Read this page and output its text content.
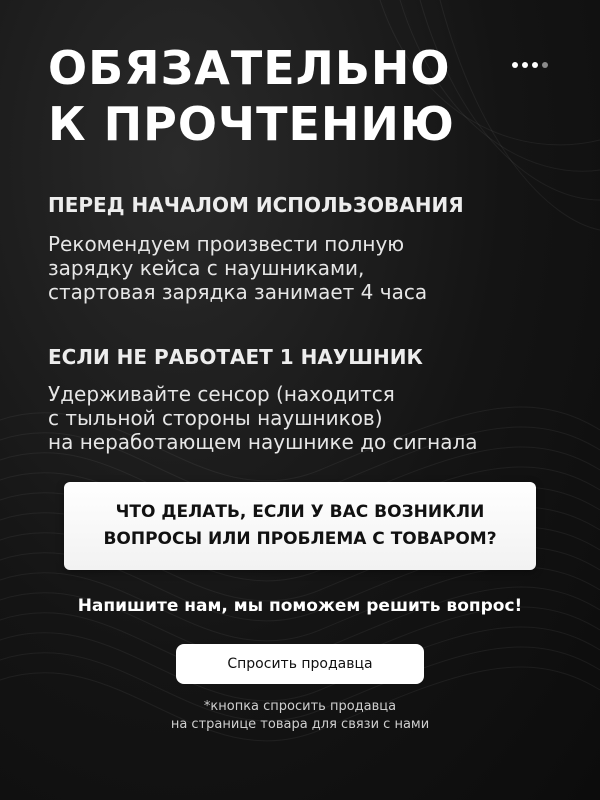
ОБЯЗАТЕЛЬНО
К ПРОЧТЕНИЮ
ПЕРЕД НАЧАЛОМ ИСПОЛЬЗОВАНИЯ

Рекомендуем произвести полную
зарядку кейса с наушниками,
стартовая зарядка занимает 4 часа

ЕСЛИ НЕ РАБОТАЕТ 1 НАУШНИК

Удерживайте сенсор (находится
с тыльной стороны наушников)
на неработающем наушнике до сигнала

ЧТО ДЕЛАТЬ, ЕСЛИ У ВАС ВОЗНИКЛИ
ВОПРОСЫ ИЛИ ПРОБЛЕМА С ТОВАРОМ?

Напишите нам, мы поможем решить вопрос!

Спросить продавца

*кнопка спросить продавца
на странице товара для связи с нами
